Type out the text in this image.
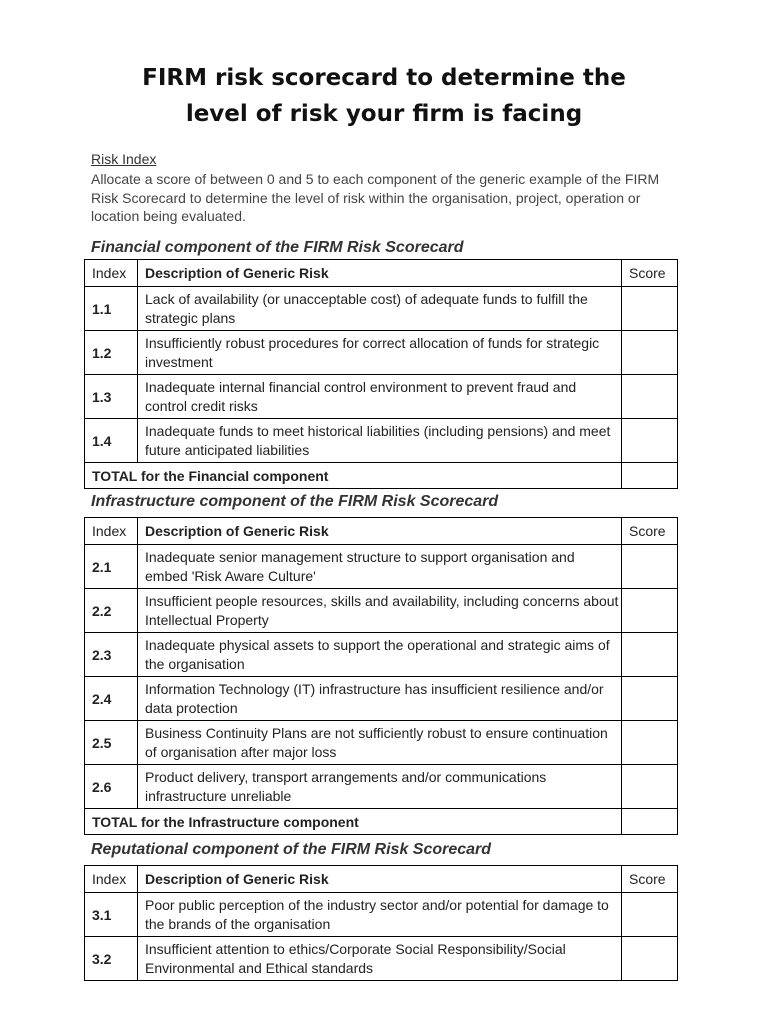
FIRM risk scorecard to determine the
level of risk your firm is facing
Risk Index
Allocate a score of between 0 and 5 to each component of the generic example of the FIRM Risk Scorecard to determine the level of risk within the organisation, project, operation or location being evaluated.
Financial component of the FIRM Risk Scorecard
Index	Description of Generic Risk	Score
1.1	Lack of availability (or unacceptable cost) of adequate funds to fulfill the strategic plans	
1.2	Insufficiently robust procedures for correct allocation of funds for strategic investment	
1.3	Inadequate internal financial control environment to prevent fraud and control credit risks	
1.4	Inadequate funds to meet historical liabilities (including pensions) and meet future anticipated liabilities	
TOTAL for the Financial component		
Infrastructure component of the FIRM Risk Scorecard
Index	Description of Generic Risk	Score
2.1	Inadequate senior management structure to support organisation and embed 'Risk Aware Culture'	
2.2	Insufficient people resources, skills and availability, including concerns about Intellectual Property	
2.3	Inadequate physical assets to support the operational and strategic aims of the organisation	
2.4	Information Technology (IT) infrastructure has insufficient resilience and/or data protection	
2.5	Business Continuity Plans are not sufficiently robust to ensure continuation of organisation after major loss	
2.6	Product delivery, transport arrangements and/or communications infrastructure unreliable	
TOTAL for the Infrastructure component		
Reputational component of the FIRM Risk Scorecard
Index	Description of Generic Risk	Score
3.1	Poor public perception of the industry sector and/or potential for damage to the brands of the organisation	
3.2	Insufficient attention to ethics/Corporate Social Responsibility/Social Environmental and Ethical standards	
